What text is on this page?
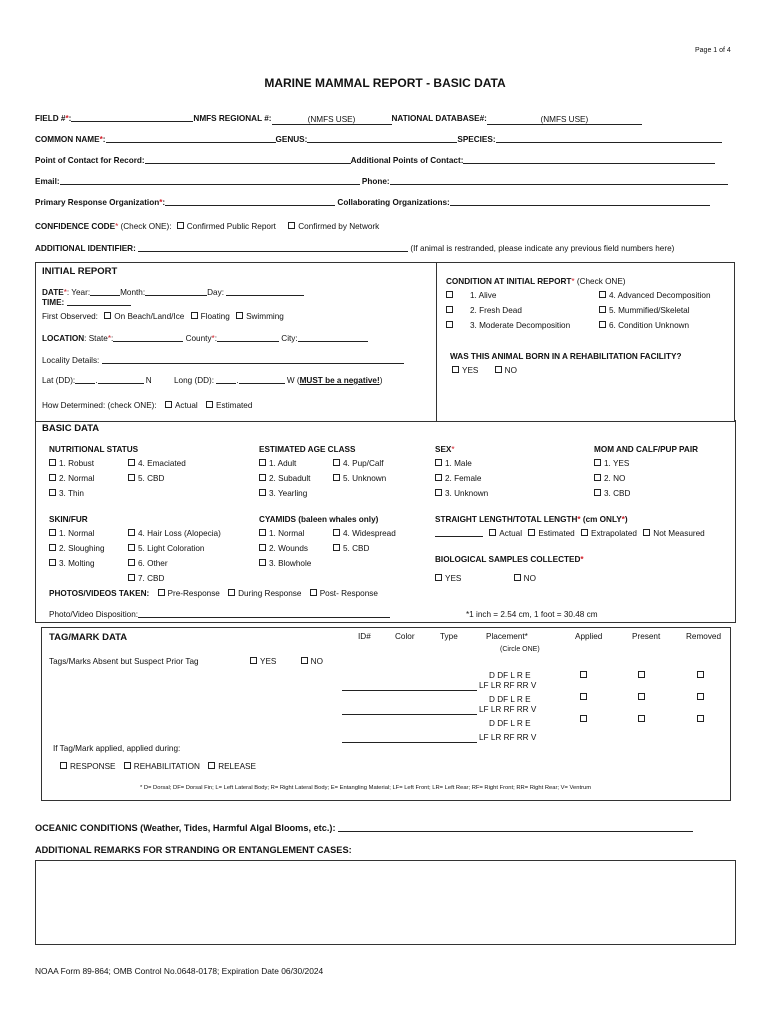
Page 1 of 4
MARINE MAMMAL REPORT - BASIC DATA
FIELD #*:	NMFS REGIONAL #:	(NMFS USE)	NATIONAL DATABASE#:	(NMFS USE)
COMMON NAME*:	GENUS:	SPECIES:
Point of Contact for Record:	Additional Points of Contact:
Email:	Phone:
Primary Response Organization*:	Collaborating Organizations:
CONFIDENCE CODE* (Check ONE): Confirmed Public Report	Confirmed by Network
ADDITIONAL IDENTIFIER:	(If animal is restranded, please indicate any previous field numbers here)
INITIAL REPORT
DATE*: Year:	Month:	Day:
TIME:
First Observed: On Beach/Land/Ice Floating Swimming
LOCATION: State*:	County*:	City:
Locality Details:
Lat (DD): .	N	Long (DD):	.	W (MUST be a negative!)
How Determined: (check ONE): Actual Estimated
CONDITION AT INITIAL REPORT* (Check ONE)
1. Alive
2. Fresh Dead
3. Moderate Decomposition
4. Advanced Decomposition
5. Mummified/Skeletal
6. Condition Unknown
WAS THIS ANIMAL BORN IN A REHABILITATION FACILITY?
YES	NO
BASIC DATA
NUTRITIONAL STATUS
1. Robust
2. Normal
3. Thin
4. Emaciated
5. CBD
ESTIMATED AGE CLASS
1. Adult
2. Subadult
3. Yearling
4. Pup/Calf
5. Unknown
SEX*
1. Male
2. Female
3. Unknown
MOM AND CALF/PUP PAIR
1. YES
2. NO
3. CBD
SKIN/FUR
1. Normal
2. Sloughing
3. Molting
4. Hair Loss (Alopecia)
5. Light Coloration
6. Other
7. CBD
CYAMIDS (baleen whales only)
1. Normal
2. Wounds
3. Blowhole
4. Widespread
5. CBD
STRAIGHT LENGTH/TOTAL LENGTH* (cm ONLY*)
Actual Estimated Extrapolated Not Measured
BIOLOGICAL SAMPLES COLLECTED*
YES	NO
PHOTOS/VIDEOS TAKEN: Pre-Response During Response Post- Response
Photo/Video Disposition:	*1 inch = 2.54 cm, 1 foot = 30.48 cm
TAG/MARK DATA	ID#	Color	Type	Placement*	Applied	Present	Removed
(Circle ONE)
Tags/Marks Absent but Suspect Prior Tag	YES	NO
D DF L R E
LF LR RF RR V
D DF L R E
LF LR RF RR V
D DF L R E
LF LR RF RR V
If Tag/Mark applied, applied during:
RESPONSE REHABILITATION RELEASE
* D= Dorsal; DF= Dorsal Fin; L= Left Lateral Body; R= Right Lateral Body; E= Entangling Material; LF= Left Front; LR= Left Rear; RF= Right Front; RR= Right Rear; V= Ventrum
OCEANIC CONDITIONS (Weather, Tides, Harmful Algal Blooms, etc.):
ADDITIONAL REMARKS FOR STRANDING OR ENTANGLEMENT CASES:
NOAA Form 89-864; OMB Control No.0648-0178; Expiration Date 06/30/2024
